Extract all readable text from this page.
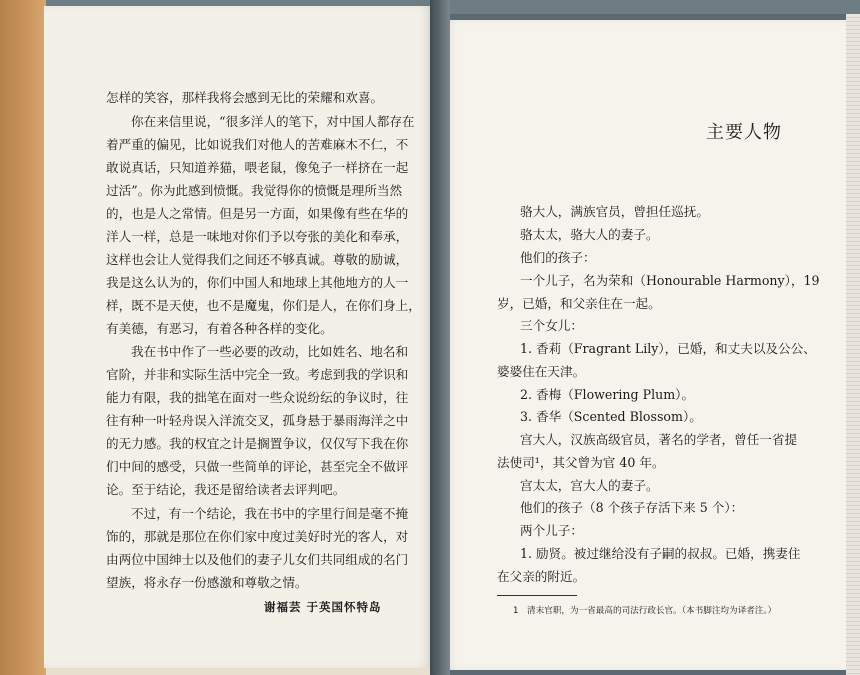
怎样的笑容，那样我将会感到无比的荣耀和欢喜。
你在来信里说，“很多洋人的笔下，对中国人都存在
着严重的偏见，比如说我们对他人的苦难麻木不仁，不
敢说真话，只知道养猫，喂老鼠，像兔子一样挤在一起
过活”。你为此感到愤慨。我觉得你的愤慨是理所当然
的，也是人之常情。但是另一方面，如果像有些在华的
洋人一样，总是一味地对你们予以夸张的美化和奉承，
这样也会让人觉得我们之间还不够真诚。尊敬的励诚，
我是这么认为的，你们中国人和地球上其他地方的人一
样，既不是天使，也不是魔鬼，你们是人，在你们身上，
有美德，有恶习，有着各种各样的变化。
我在书中作了一些必要的改动，比如姓名、地名和
官阶，并非和实际生活中完全一致。考虑到我的学识和
能力有限，我的拙笔在面对一些众说纷纭的争议时，往
往有种一叶轻舟误入洋流交叉，孤身悬于暴雨海洋之中
的无力感。我的权宜之计是搁置争议，仅仅写下我在你
们中间的感受，只做一些简单的评论，甚至完全不做评
论。至于结论，我还是留给读者去评判吧。
不过，有一个结论，我在书中的字里行间是毫不掩
饰的，那就是那位在你们家中度过美好时光的客人，对
由两位中国绅士以及他们的妻子儿女们共同组成的名门
望族，将永存一份感激和尊敬之情。
谢福芸 于英国怀特岛
主要人物
骆大人，满族官员，曾担任巡抚。
骆太太，骆大人的妻子。
他们的孩子：
一个儿子，名为荣和（Honourable Harmony），19
岁，已婚，和父亲住在一起。
三个女儿：
1. 香莉（Fragrant Lily），已婚，和丈夫以及公公、
婆婆住在天津。
2. 香梅（Flowering Plum）。
3. 香华（Scented Blossom）。
宫大人，汉族高级官员，著名的学者，曾任一省提
法使司¹，其父曾为官 40 年。
宫太太，宫大人的妻子。
他们的孩子（8 个孩子存活下来 5 个）：
两个儿子：
1. 励贤。被过继给没有子嗣的叔叔。已婚，携妻住
在父亲的附近。
1　清末官职，为一省最高的司法行政长官。（本书脚注均为译者注。）
